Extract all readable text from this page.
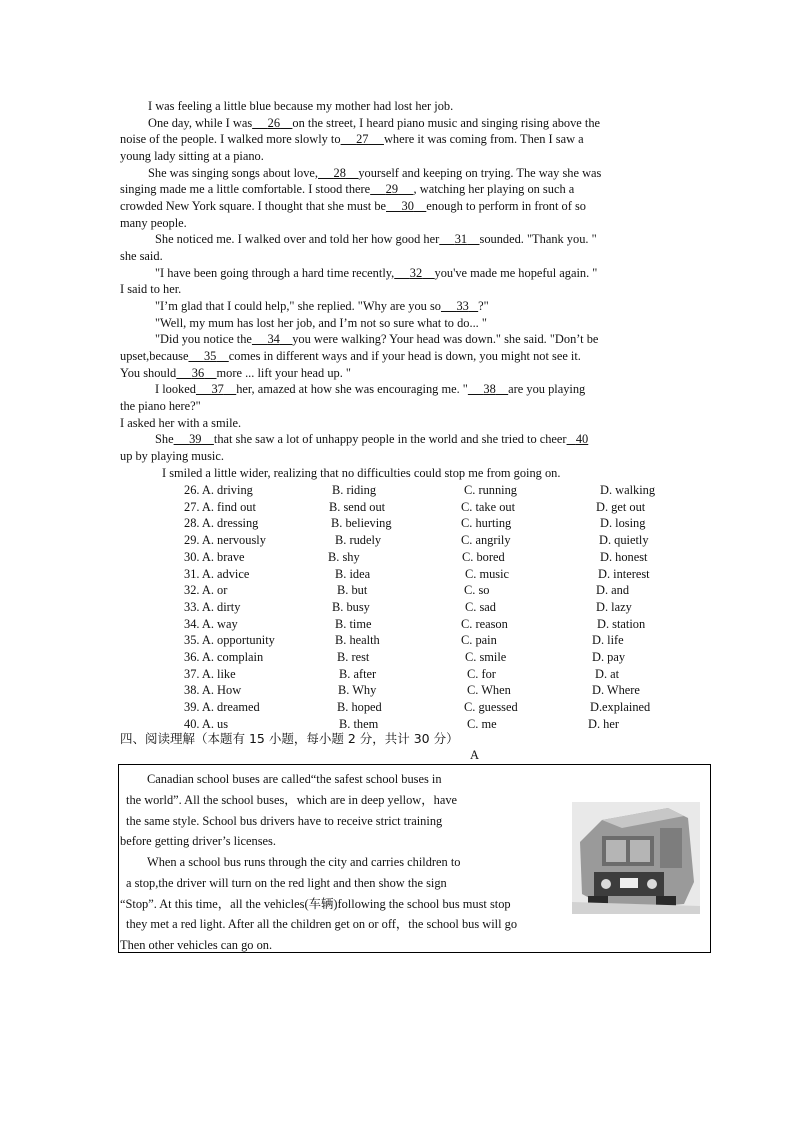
I was feeling a little blue because my mother had lost her job.
One day, while I was 26 on the street, I heard piano music and singing rising above the
noise of the people. I walked more slowly to 27 where it was coming from. Then I saw a
young lady sitting at a piano.
She was singing songs about love, 28 yourself and keeping on trying. The way she was
singing made me a little comfortable. I stood there 29 , watching her playing on such a
crowded New York square. I thought that she must be 30 enough to perform in front of so
many people.
She noticed me. I walked over and told her how good her 31 sounded. "Thank you. "
she said.
"I have been going through a hard time recently, 32 you've made me hopeful again. "
I said to her.
"I’m glad that I could help," she replied. "Why are you so 33 ?"
"Well, my mum has lost her job, and I’m not so sure what to do... "
"Did you notice the 34 you were walking? Your head was down." she said. "Don’t be
upset,because 35 comes in different ways and if your head is down, you might not see it.
You should 36 more ... lift your head up. "
I looked 37 her, amazed at how she was encouraging me. " 38 are you playing
the piano here?"
I asked her with a smile.
She 39 that she saw a lot of unhappy people in the world and she tried to cheer 40
up by playing music.
I smiled a little wider, realizing that no difficulties could stop me from going on.
26. A. driving	B. riding	C. running	D. walking
27. A. find out	B. send out	C. take out	D. get out
28. A. dressing	B. believing	C. hurting	D. losing
29. A. nervously	B. rudely	C. angrily	D. quietly
30. A. brave	B. shy	C. bored	D. honest
31. A. advice	B. idea	C. music	D. interest
32. A. or	B. but	C. so	D. and
33. A. dirty	B. busy	C. sad	D. lazy
34. A. way	B. time	C. reason	D. station
35. A. opportunity	B. health	C. pain	D. life
36. A. complain	B. rest	C. smile	D. pay
37. A. like	B. after	C. for	D. at
38. A. How	B. Why	C. When	D. Where
39. A. dreamed	B. hoped	C. guessed	D.explained
40. A. us	B. them	C. me	D. her
四、阅读理解（本题有 15 小题，每小题 2 分，共计 30 分）
A
Canadian school buses are called“the safest school buses in
the world”. All the school buses，which are in deep yellow，have
the same style. School bus drivers have to receive strict training
before getting driver’s licenses.
When a school bus runs through the city and carries children to
a stop,the driver will turn on the red light and then show the sign
“Stop”. At this time，all the vehicles(车辆)following the school bus must stop
they met a red light. After all the children get on or off，the school bus will go
Then other vehicles can go on.
